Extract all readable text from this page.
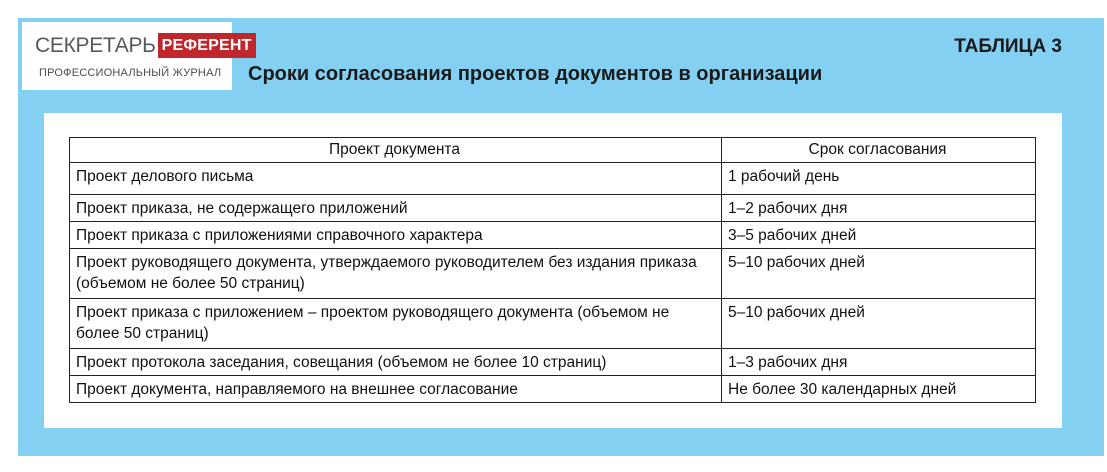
СЕКРЕТАРЬ РЕФЕРЕНТ
ПРОФЕССИОНАЛЬНЫЙ ЖУРНАЛ
ТАБЛИЦА 3
Сроки согласования проектов документов в организации
Проект документа	Срок согласования
Проект делового письма	1 рабочий день
Проект приказа, не содержащего приложений	1–2 рабочих дня
Проект приказа с приложениями справочного характера	3–5 рабочих дней
Проект руководящего документа, утверждаемого руководителем без издания приказа (объемом не более 50 страниц)	5–10 рабочих дней
Проект приказа с приложением – проектом руководящего документа (объемом не более 50 страниц)	5–10 рабочих дней
Проект протокола заседания, совещания (объемом не более 10 страниц)	1–3 рабочих дня
Проект документа, направляемого на внешнее согласование	Не более 30 календарных дней
